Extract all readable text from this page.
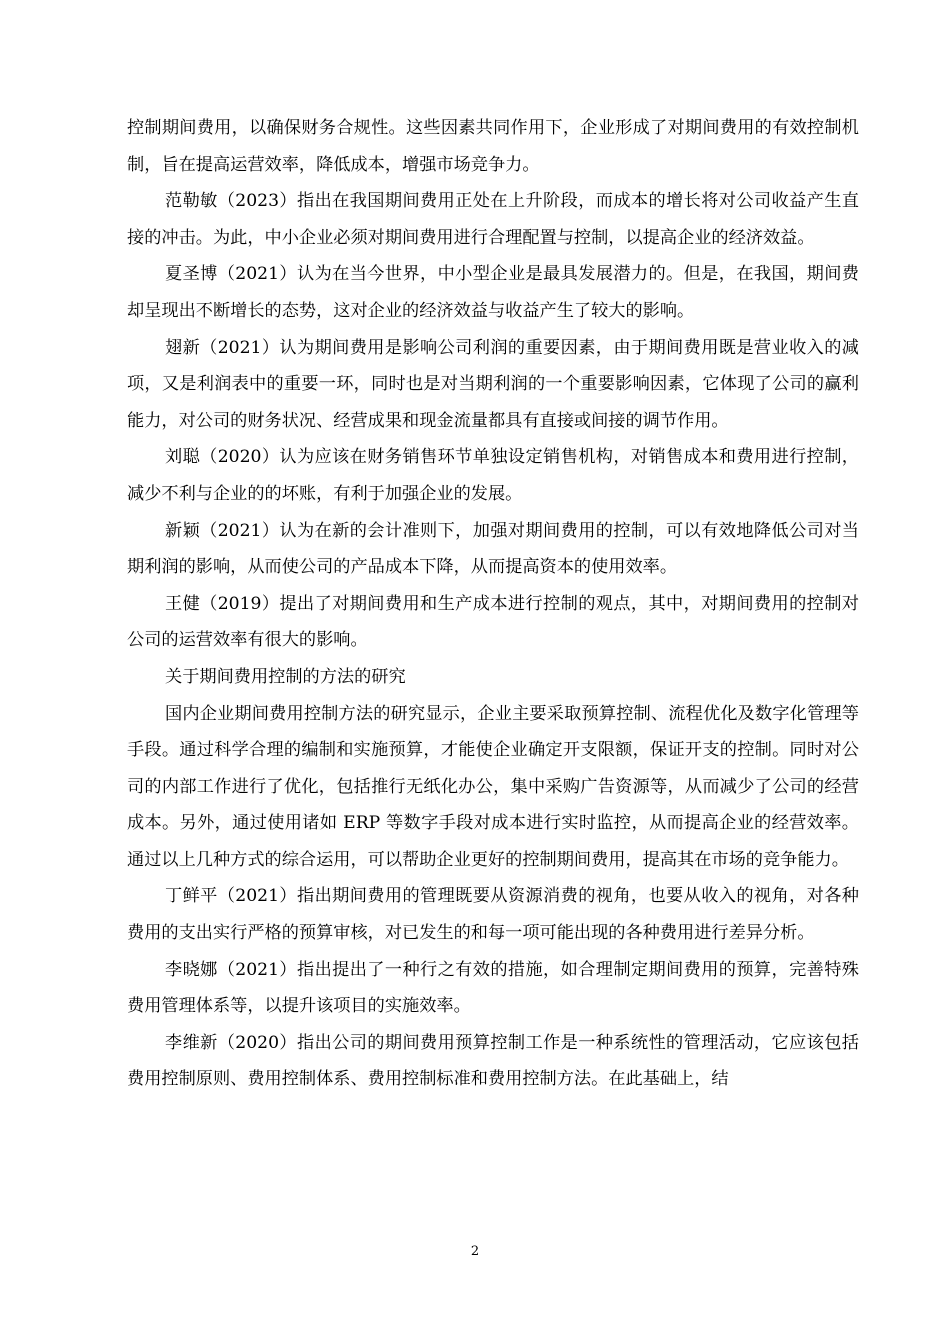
控制期间费用，以确保财务合规性。这些因素共同作用下，企业形成了对期间费用的有效控制机制，旨在提高运营效率，降低成本，增强市场竞争力。

范勒敏（2023）指出在我国期间费用正处在上升阶段，而成本的增长将对公司收益产生直接的冲击。为此，中小企业必须对期间费用进行合理配置与控制，以提高企业的经济效益。

夏圣博（2021）认为在当今世界，中小型企业是最具发展潜力的。但是，在我国，期间费却呈现出不断增长的态势，这对企业的经济效益与收益产生了较大的影响。

翅新（2021）认为期间费用是影响公司利润的重要因素，由于期间费用既是营业收入的减项，又是利润表中的重要一环，同时也是对当期利润的一个重要影响因素，它体现了公司的赢利能力，对公司的财务状况、经营成果和现金流量都具有直接或间接的调节作用。

刘聪（2020）认为应该在财务销售环节单独设定销售机构，对销售成本和费用进行控制，减少不利与企业的的坏账，有利于加强企业的发展。

新颖（2021）认为在新的会计准则下，加强对期间费用的控制，可以有效地降低公司对当期利润的影响，从而使公司的产品成本下降，从而提高资本的使用效率。

王健（2019）提出了对期间费用和生产成本进行控制的观点，其中，对期间费用的控制对公司的运营效率有很大的影响。

关于期间费用控制的方法的研究

国内企业期间费用控制方法的研究显示，企业主要采取预算控制、流程优化及数字化管理等手段。通过科学合理的编制和实施预算，才能使企业确定开支限额，保证开支的控制。同时对公司的内部工作进行了优化，包括推行无纸化办公，集中采购广告资源等，从而减少了公司的经营成本。另外，通过使用诸如 ERP 等数字手段对成本进行实时监控，从而提高企业的经营效率。通过以上几种方式的综合运用，可以帮助企业更好的控制期间费用，提高其在市场的竞争能力。

丁鲜平（2021）指出期间费用的管理既要从资源消费的视角，也要从收入的视角，对各种费用的支出实行严格的预算审核，对已发生的和每一项可能出现的各种费用进行差异分析。

李晓娜（2021）指出提出了一种行之有效的措施，如合理制定期间费用的预算，完善特殊费用管理体系等，以提升该项目的实施效率。

李维新（2020）指出公司的期间费用预算控制工作是一种系统性的管理活动，它应该包括费用控制原则、费用控制体系、费用控制标准和费用控制方法。在此基础上，结

2
